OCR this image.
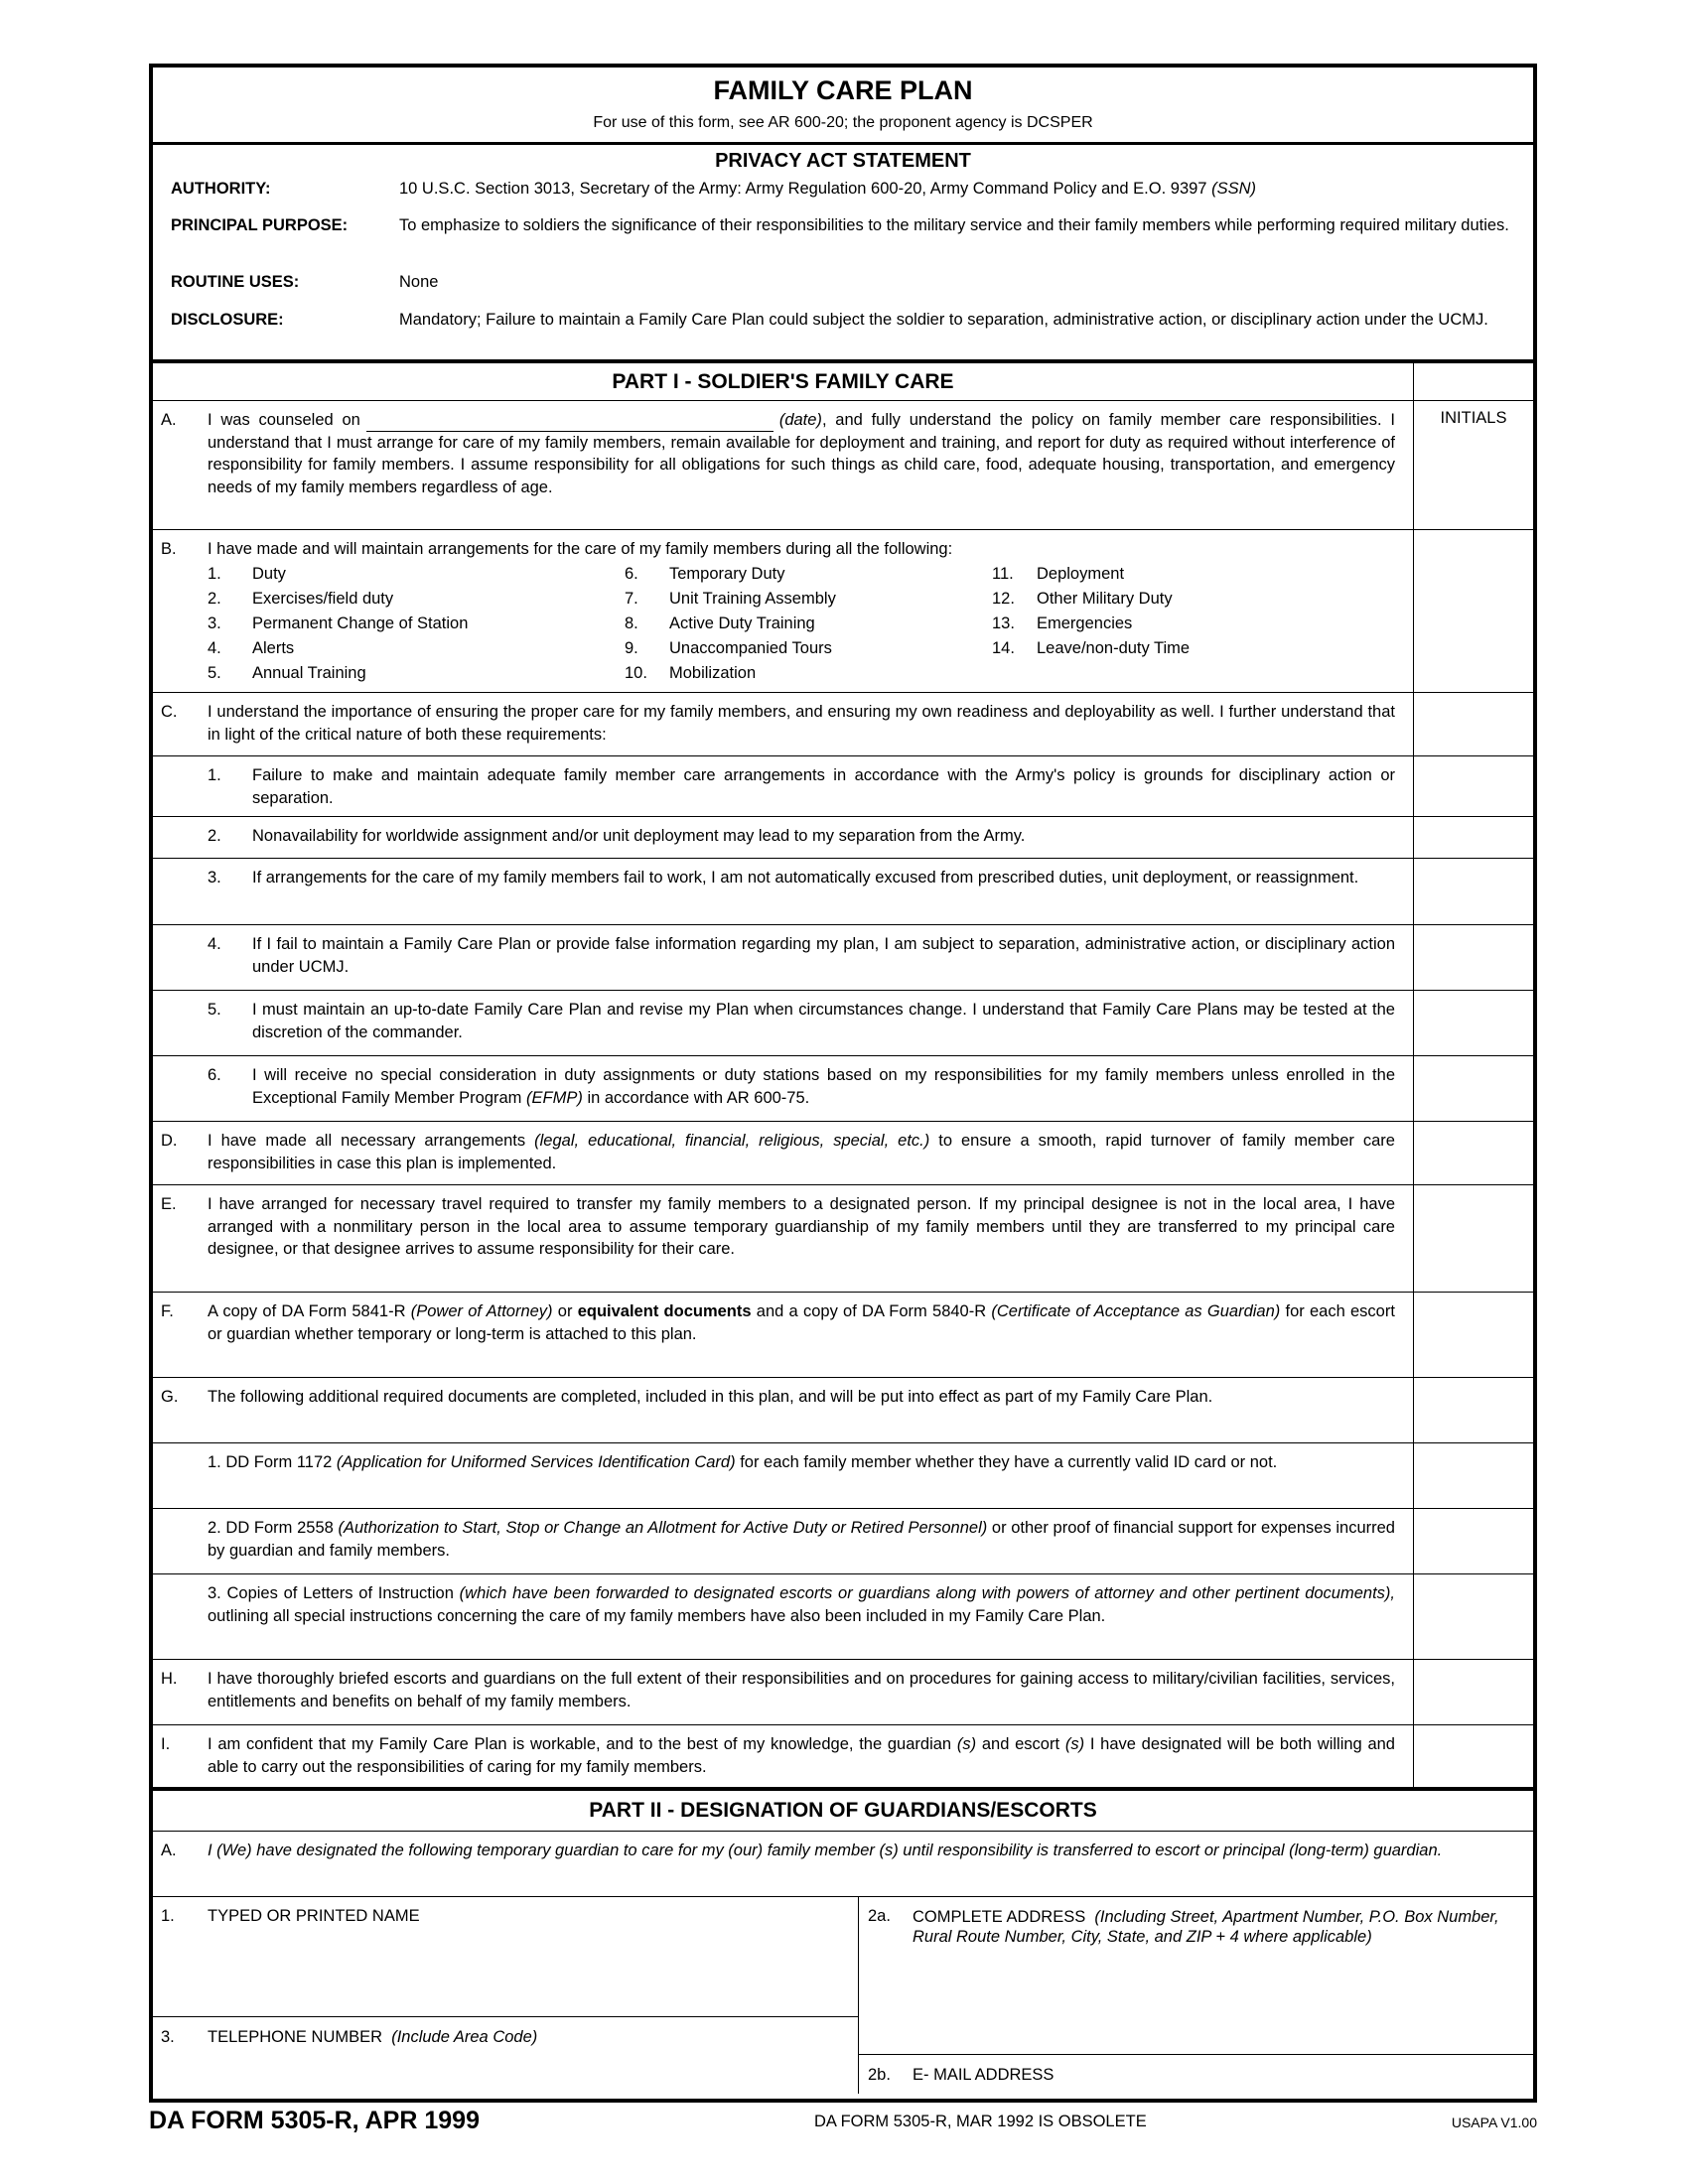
FAMILY CARE PLAN
For use of this form, see AR 600-20; the proponent agency is DCSPER
PRIVACY ACT STATEMENT
AUTHORITY:	10 U.S.C. Section 3013, Secretary of the Army: Army Regulation 600-20, Army Command Policy and E.O. 9397 (SSN)
PRINCIPAL PURPOSE:	To emphasize to soldiers the significance of their responsibilities to the military service and their family members while performing required military duties.
ROUTINE USES:	None
DISCLOSURE:	Mandatory; Failure to maintain a Family Care Plan could subject the soldier to separation, administrative action, or disciplinary action under the UCMJ.
PART I - SOLDIER'S FAMILY CARE
A. I was counseled on	(date), and fully understand the policy on family member care responsibilities. I understand that I must arrange for care of my family members, remain available for deployment and training, and report for duty as required without interference of responsibility for family members. I assume responsibility for all obligations for such things as child care, food, adequate housing, transportation, and emergency needs of my family members regardless of age.
INITIALS
B. I have made and will maintain arrangements for the care of my family members during all the following:
1.	Duty	6.	Temporary Duty	11.	Deployment
2.	Exercises/field duty	7.	Unit Training Assembly	12.	Other Military Duty
3.	Permanent Change of Station	8.	Active Duty Training	13.	Emergencies
4.	Alerts	9.	Unaccompanied Tours	14.	Leave/non-duty Time
5.	Annual Training	10.	Mobilization
C. I understand the importance of ensuring the proper care for my family members, and ensuring my own readiness and deployability as well. I further understand that in light of the critical nature of both these requirements:
1. Failure to make and maintain adequate family member care arrangements in accordance with the Army's policy is grounds for disciplinary action or separation.
2. Nonavailability for worldwide assignment and/or unit deployment may lead to my separation from the Army.
3. If arrangements for the care of my family members fail to work, I am not automatically excused from prescribed duties, unit deployment, or reassignment.
4. If I fail to maintain a Family Care Plan or provide false information regarding my plan, I am subject to separation, administrative action, or disciplinary action under UCMJ.
5. I must maintain an up-to-date Family Care Plan and revise my Plan when circumstances change. I understand that Family Care Plans may be tested at the discretion of the commander.
6. I will receive no special consideration in duty assignments or duty stations based on my responsibilities for my family members unless enrolled in the Exceptional Family Member Program (EFMP) in accordance with AR 600-75.
D. I have made all necessary arrangements (legal, educational, financial, religious, special, etc.) to ensure a smooth, rapid turnover of family member care responsibilities in case this plan is implemented.
E. I have arranged for necessary travel required to transfer my family members to a designated person. If my principal designee is not in the local area, I have arranged with a nonmilitary person in the local area to assume temporary guardianship of my family members until they are transferred to my principal care designee, or that designee arrives to assume responsibility for their care.
F. A copy of DA Form 5841-R (Power of Attorney) or equivalent documents and a copy of DA Form 5840-R (Certificate of Acceptance as Guardian) for each escort or guardian whether temporary or long-term is attached to this plan.
G. The following additional required documents are completed, included in this plan, and will be put into effect as part of my Family Care Plan.
1. DD Form 1172 (Application for Uniformed Services Identification Card) for each family member whether they have a currently valid ID card or not.
2. DD Form 2558 (Authorization to Start, Stop or Change an Allotment for Active Duty or Retired Personnel) or other proof of financial support for expenses incurred by guardian and family members.
3. Copies of Letters of Instruction (which have been forwarded to designated escorts or guardians along with powers of attorney and other pertinent documents), outlining all special instructions concerning the care of my family members have also been included in my Family Care Plan.
H. I have thoroughly briefed escorts and guardians on the full extent of their responsibilities and on procedures for gaining access to military/civilian facilities, services, entitlements and benefits on behalf of my family members.
I. I am confident that my Family Care Plan is workable, and to the best of my knowledge, the guardian (s) and escort (s) I have designated will be both willing and able to carry out the responsibilities of caring for my family members.
PART II - DESIGNATION OF GUARDIANS/ESCORTS
A. I (We) have designated the following temporary guardian to care for my (our) family member (s) until responsibility is transferred to escort or principal (long-term) guardian.
1. TYPED OR PRINTED NAME	2a. COMPLETE ADDRESS (Including Street, Apartment Number, P.O. Box Number, Rural Route Number, City, State, and ZIP + 4 where applicable)
3. TELEPHONE NUMBER (Include Area Code)
2b. E- MAIL ADDRESS
DA FORM 5305-R, APR 1999	DA FORM 5305-R, MAR 1992 IS OBSOLETE	USAPA V1.00
